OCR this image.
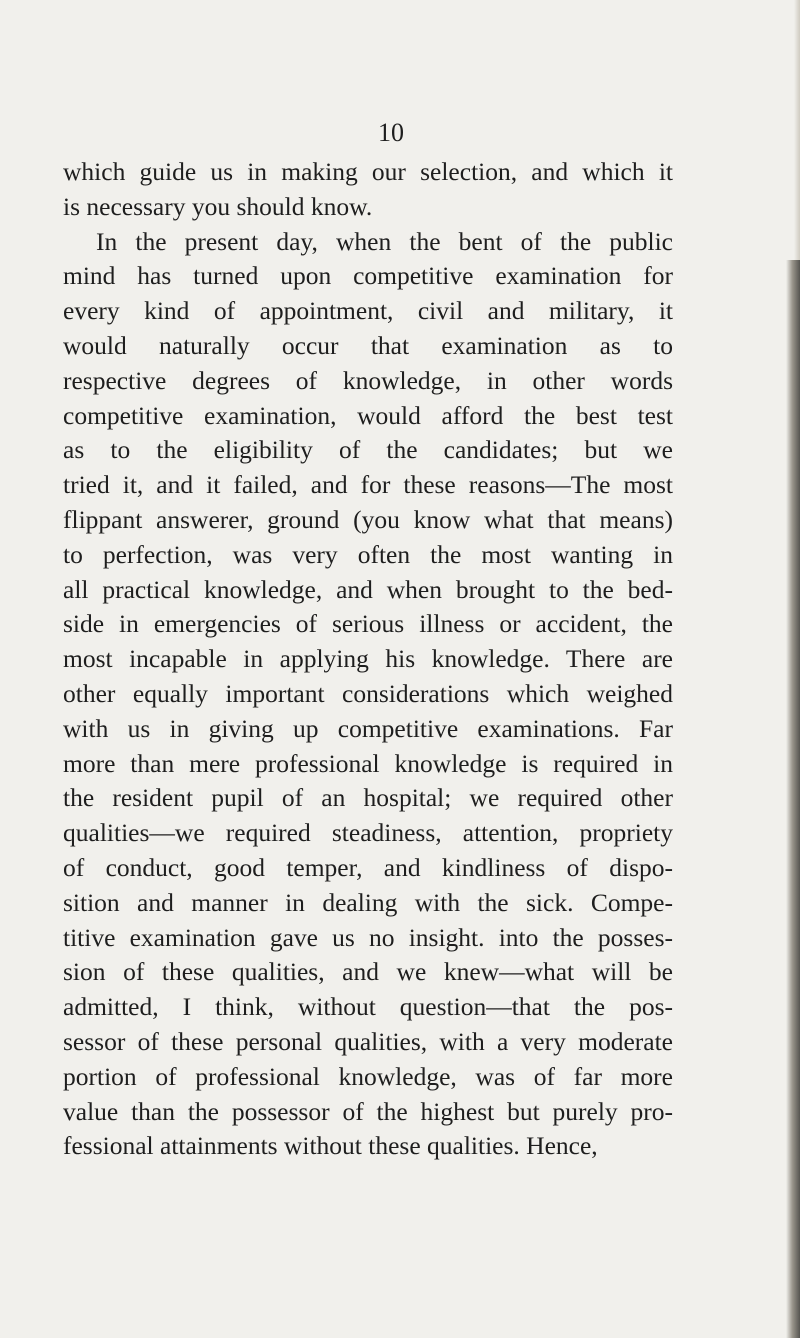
10
which guide us in making our selection, and which it
is necessary you should know.
In the present day, when the bent of the public
mind has turned upon competitive examination for
every kind of appointment, civil and military, it
would naturally occur that examination as to
respective degrees of knowledge, in other words
competitive examination, would afford the best test
as to the eligibility of the candidates; but we
tried it, and it failed, and for these reasons—The most
flippant answerer, ground (you know what that means)
to perfection, was very often the most wanting in
all practical knowledge, and when brought to the bed-
side in emergencies of serious illness or accident, the
most incapable in applying his knowledge. There are
other equally important considerations which weighed
with us in giving up competitive examinations. Far
more than mere professional knowledge is required in
the resident pupil of an hospital; we required other
qualities—we required steadiness, attention, propriety
of conduct, good temper, and kindliness of dispo-
sition and manner in dealing with the sick. Compe-
titive examination gave us no insight. into the posses-
sion of these qualities, and we knew—what will be
admitted, I think, without question—that the pos-
sessor of these personal qualities, with a very moderate
portion of professional knowledge, was of far more
value than the possessor of the highest but purely pro-
fessional attainments without these qualities. Hence,
